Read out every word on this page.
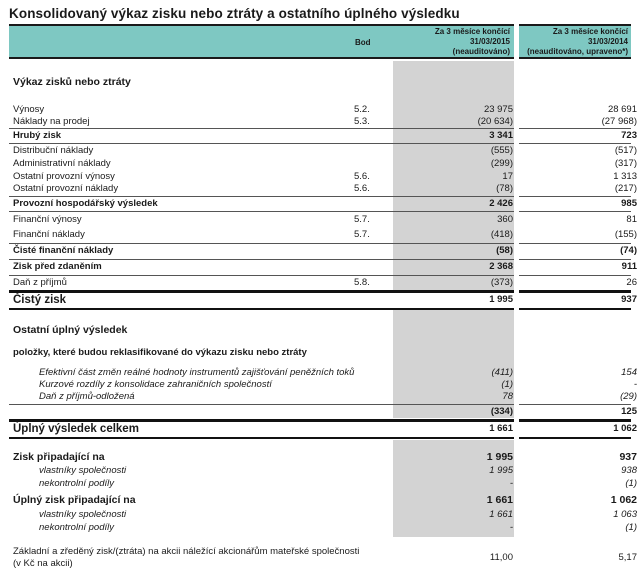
Konsolidovaný výkaz zisku nebo ztráty a ostatního úplného výsledku
Bod
Za 3 měsíce končící
31/03/2015
(neauditováno)
Za 3 měsíce končící
31/03/2014
(neauditováno, upraveno*)
Výkaz zisků nebo ztráty
Výnosy	5.2.	23 975	28 691
Náklady na prodej	5.3.	(20 634)	(27 968)
Hrubý zisk	3 341	723
Distribuční náklady	(555)	(517)
Administrativní náklady	(299)	(317)
Ostatní provozní výnosy	5.6.	17	1 313
Ostatní provozní náklady	5.6.	(78)	(217)
Provozní hospodářský výsledek	2 426	985
Finanční výnosy	5.7.	360	81
Finanční náklady	5.7.	(418)	(155)
Čisté finanční náklady	(58)	(74)
Zisk před zdaněním	2 368	911
Daň z příjmů	5.8.	(373)	26
Čistý zisk	1 995	937
Ostatní úplný výsledek
položky, které budou reklasifikované do výkazu zisku nebo ztráty
Efektivní část změn reálné hodnoty instrumentů zajišťování peněžních toků	(411)	154
Kurzové rozdíly z konsolidace zahraničních společností	(1)	-
Daň z příjmů-odložená	78	(29)
(334)	125
Úplný výsledek celkem	1 661	1 062
Zisk připadající na	1 995	937
vlastníky společnosti	1 995	938
nekontrolní podíly	-	(1)
Úplný zisk připadající na	1 661	1 062
vlastníky společnosti	1 661	1 063
nekontrolní podíly	-	(1)
Základní a zředěný zisk/(ztráta) na akcii náležící akcionářům mateřské společnosti
11,00	5,17
(v Kč na akcii)
